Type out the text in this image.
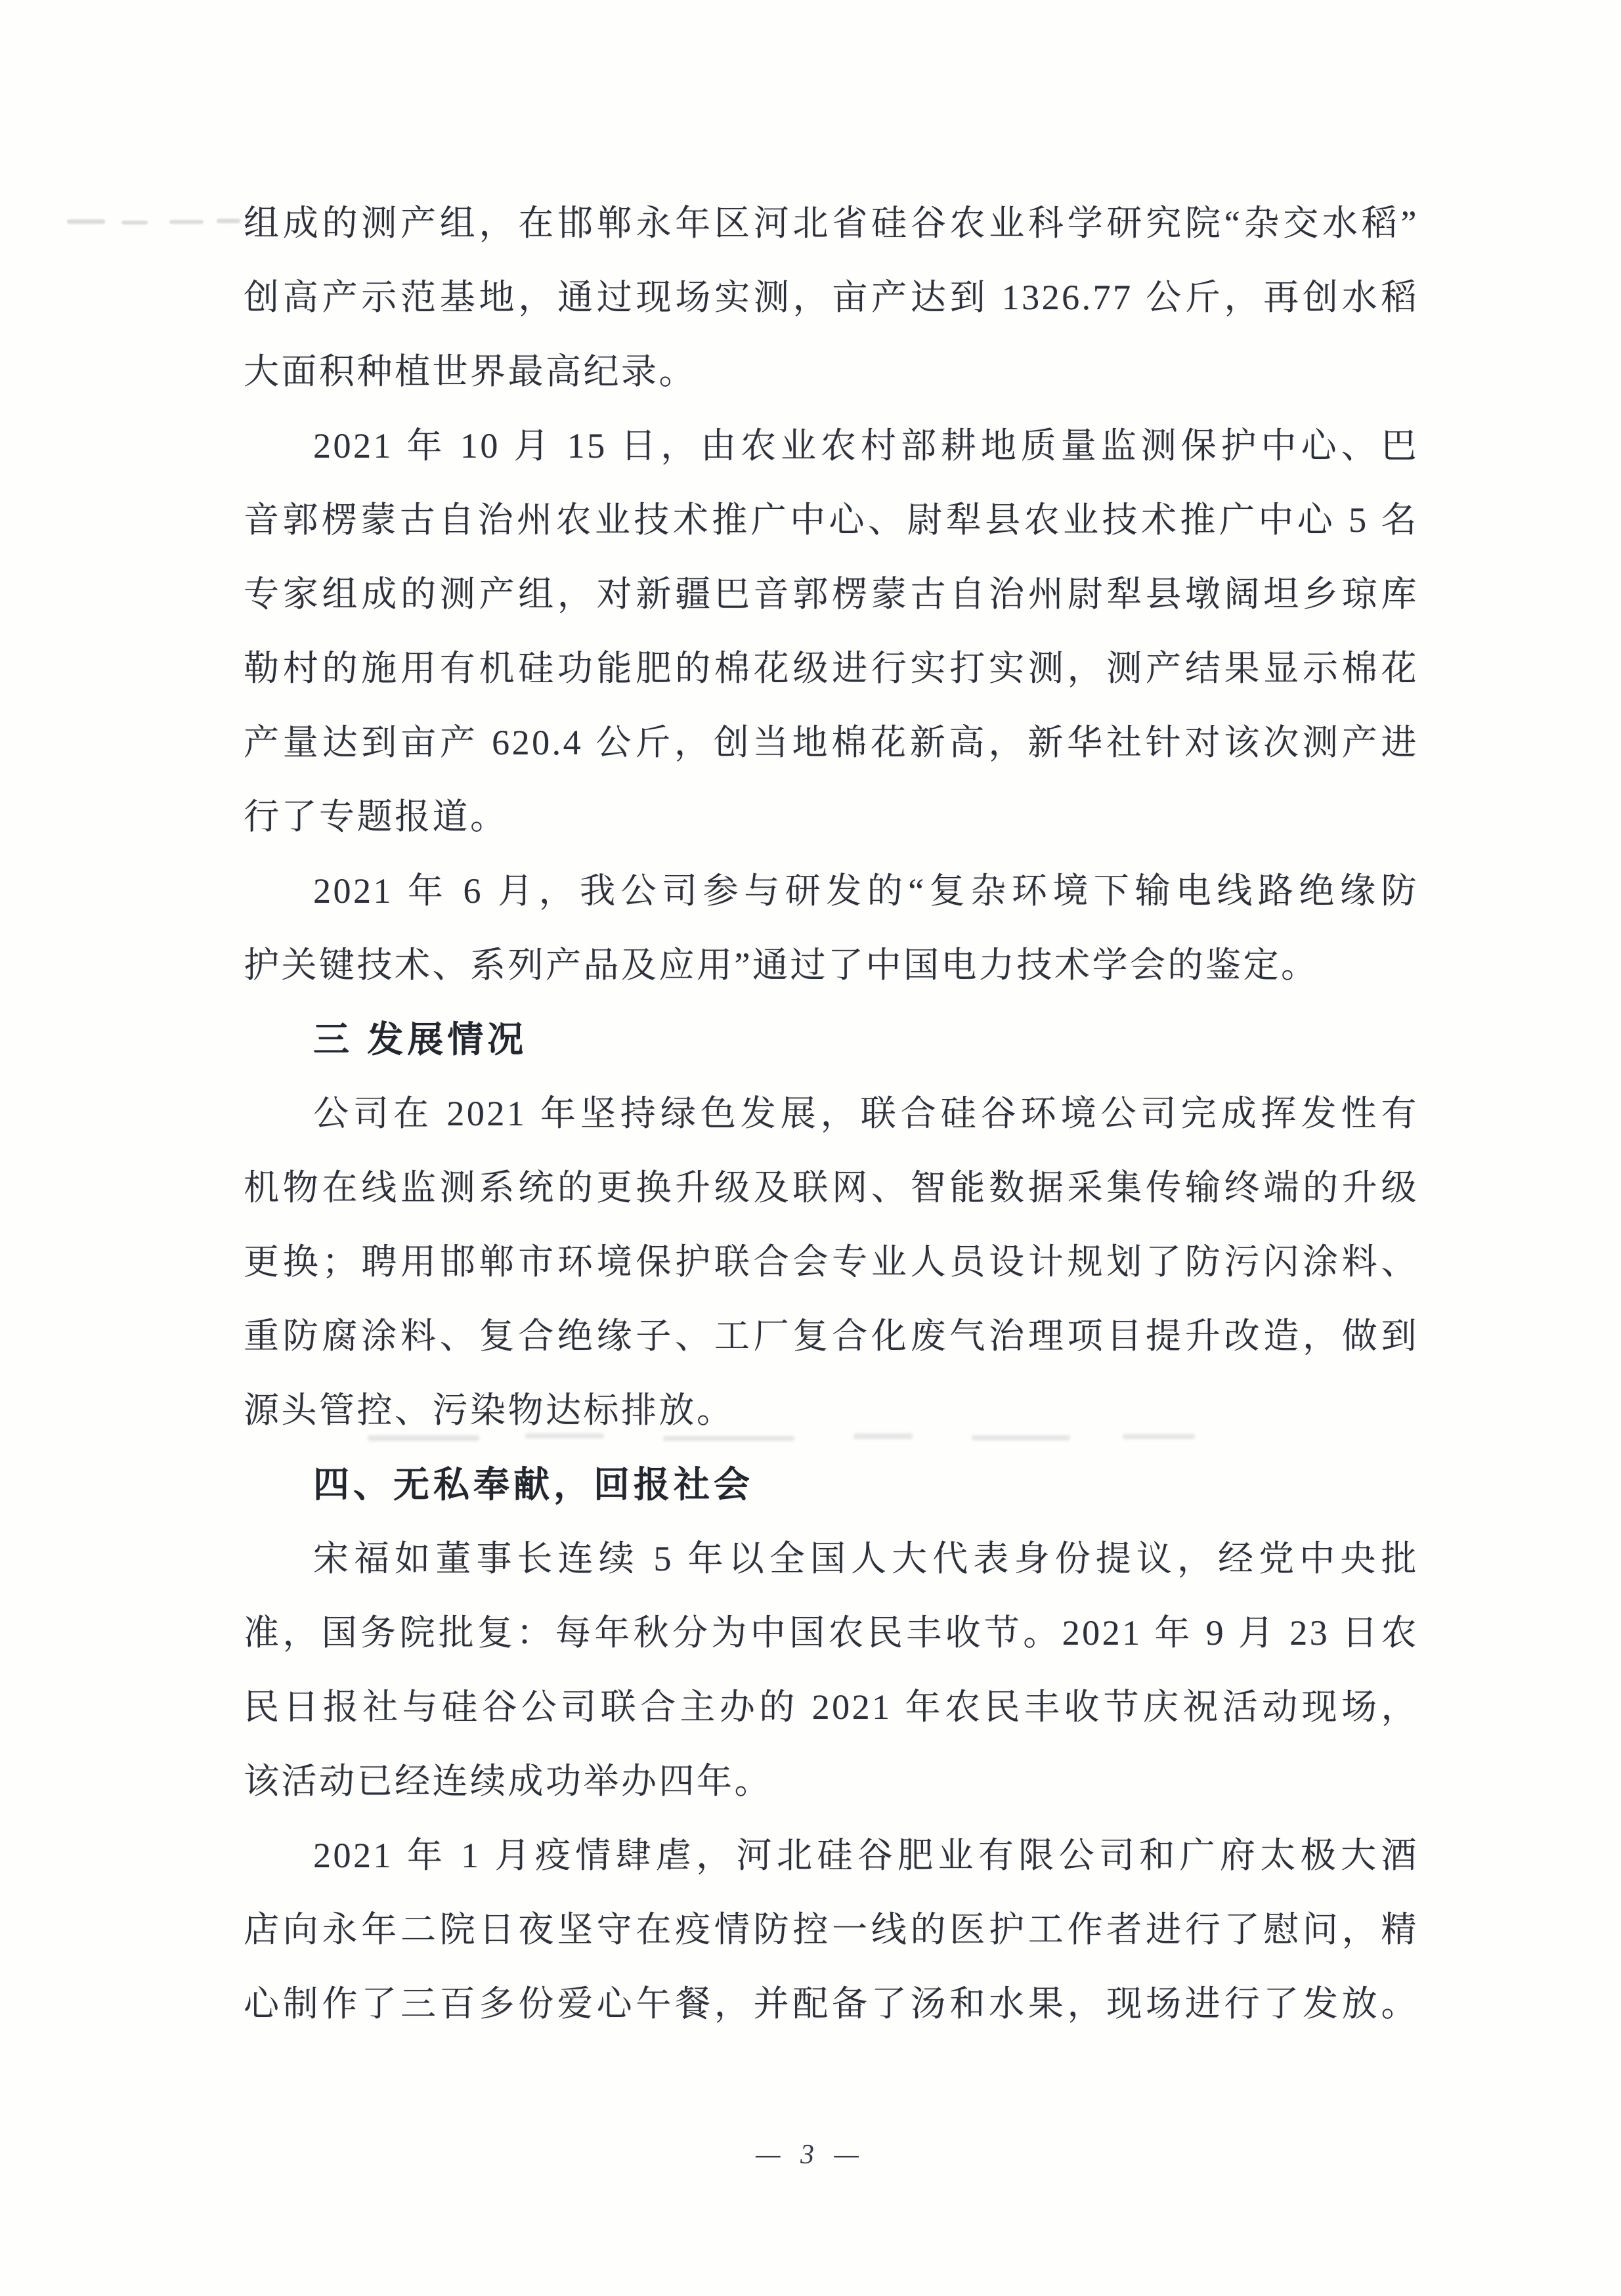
组成的测产组，在邯郸永年区河北省硅谷农业科学研究院“杂交水稻”
创高产示范基地，通过现场实测，亩产达到 1326.77 公斤，再创水稻
大面积种植世界最高纪录。
2021 年 10 月 15 日，由农业农村部耕地质量监测保护中心、巴
音郭楞蒙古自治州农业技术推广中心、尉犁县农业技术推广中心 5 名
专家组成的测产组，对新疆巴音郭楞蒙古自治州尉犁县墩阔坦乡琼库
勒村的施用有机硅功能肥的棉花级进行实打实测，测产结果显示棉花
产量达到亩产 620.4 公斤，创当地棉花新高，新华社针对该次测产进
行了专题报道。
2021 年 6 月，我公司参与研发的“复杂环境下输电线路绝缘防
护关键技术、系列产品及应用”通过了中国电力技术学会的鉴定。
三 发展情况
公司在 2021 年坚持绿色发展，联合硅谷环境公司完成挥发性有
机物在线监测系统的更换升级及联网、智能数据采集传输终端的升级
更换；聘用邯郸市环境保护联合会专业人员设计规划了防污闪涂料、
重防腐涂料、复合绝缘子、工厂复合化废气治理项目提升改造，做到
源头管控、污染物达标排放。
四、无私奉献，回报社会
宋福如董事长连续 5 年以全国人大代表身份提议，经党中央批
准，国务院批复：每年秋分为中国农民丰收节。2021 年 9 月 23 日农
民日报社与硅谷公司联合主办的 2021 年农民丰收节庆祝活动现场，
该活动已经连续成功举办四年。
2021 年 1 月疫情肆虐，河北硅谷肥业有限公司和广府太极大酒
店向永年二院日夜坚守在疫情防控一线的医护工作者进行了慰问，精
心制作了三百多份爱心午餐，并配备了汤和水果，现场进行了发放。
— 3 —
